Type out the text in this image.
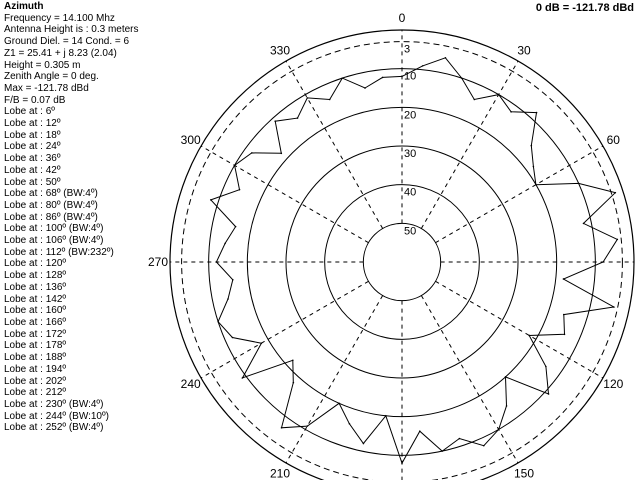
Azimuth
Frequency = 14.100 Mhz
Antenna Height is : 0.3 meters
Ground Diel. = 14 Cond. = 6
Z1 = 25.41 + j 8.23 (2.04)
Height = 0.305 m
Zenith Angle = 0 deg.
Max = -121.78 dBd
F/B = 0.07 dB
Lobe at : 6º
Lobe at : 12º
Lobe at : 18º
Lobe at : 24º
Lobe at : 36º
Lobe at : 42º
Lobe at : 50º
Lobe at : 68º (BW:4º)
Lobe at : 80º (BW:4º)
Lobe at : 86º (BW:4º)
Lobe at : 100º (BW:4º)
Lobe at : 106º (BW:4º)
Lobe at : 112º (BW:232º)
Lobe at : 120º
Lobe at : 128º
Lobe at : 136º
Lobe at : 142º
Lobe at : 160º
Lobe at : 166º
Lobe at : 172º
Lobe at : 178º
Lobe at : 188º
Lobe at : 194º
Lobe at : 202º
Lobe at : 212º
Lobe at : 230º (BW:4º)
Lobe at : 244º (BW:10º)
Lobe at : 252º (BW:4º)
0 dB = -121.78 dBd
3
10
20
30
40
50
0
30
60
120
150
210
240
270
300
330
